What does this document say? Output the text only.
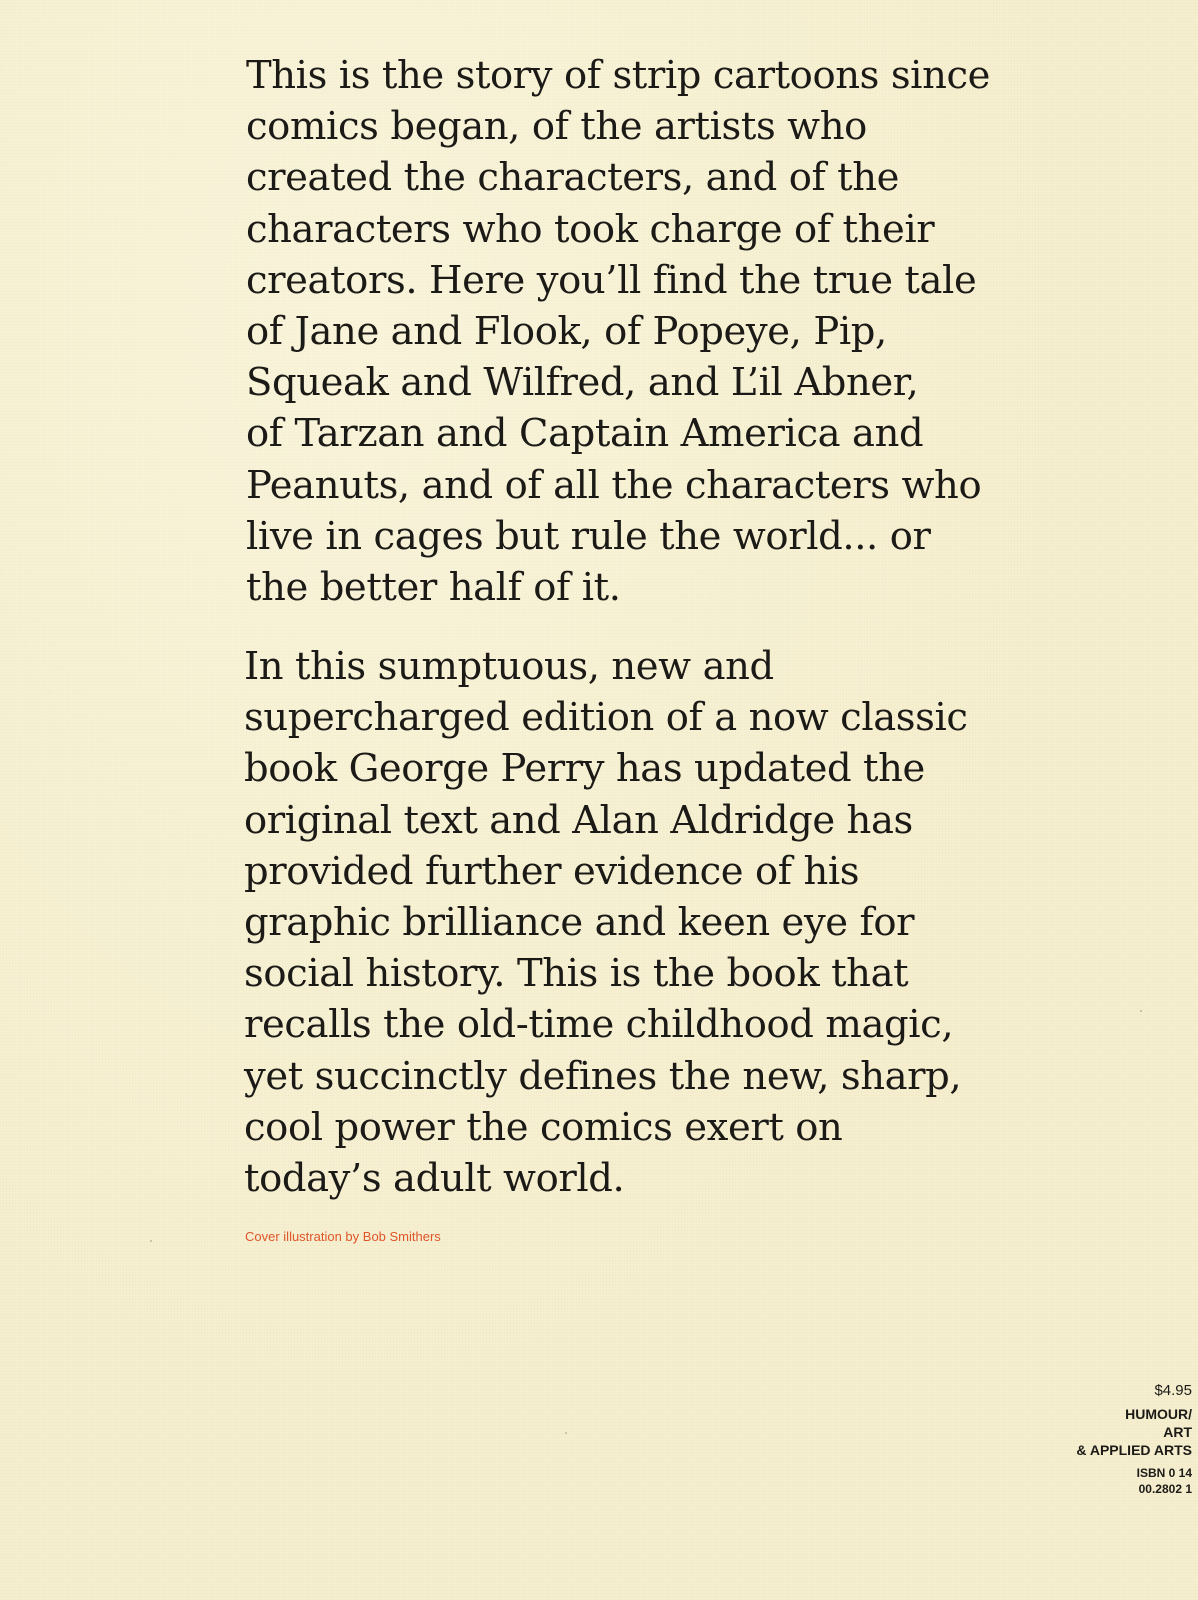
This is the story of strip cartoons since
comics began, of the artists who
created the characters, and of the
characters who took charge of their
creators. Here you’ll find the true tale
of Jane and Flook, of Popeye, Pip,
Squeak and Wilfred, and L’il Abner,
of Tarzan and Captain America and
Peanuts, and of all the characters who
live in cages but rule the world... or
the better half of it.
In this sumptuous, new and
supercharged edition of a now classic
book George Perry has updated the
original text and Alan Aldridge has
provided further evidence of his
graphic brilliance and keen eye for
social history. This is the book that
recalls the old-time childhood magic,
yet succinctly defines the new, sharp,
cool power the comics exert on
today’s adult world.
Cover illustration by Bob Smithers
$4.95
HUMOUR/
ART
& APPLIED ARTS
ISBN 0 14
00.2802 1
